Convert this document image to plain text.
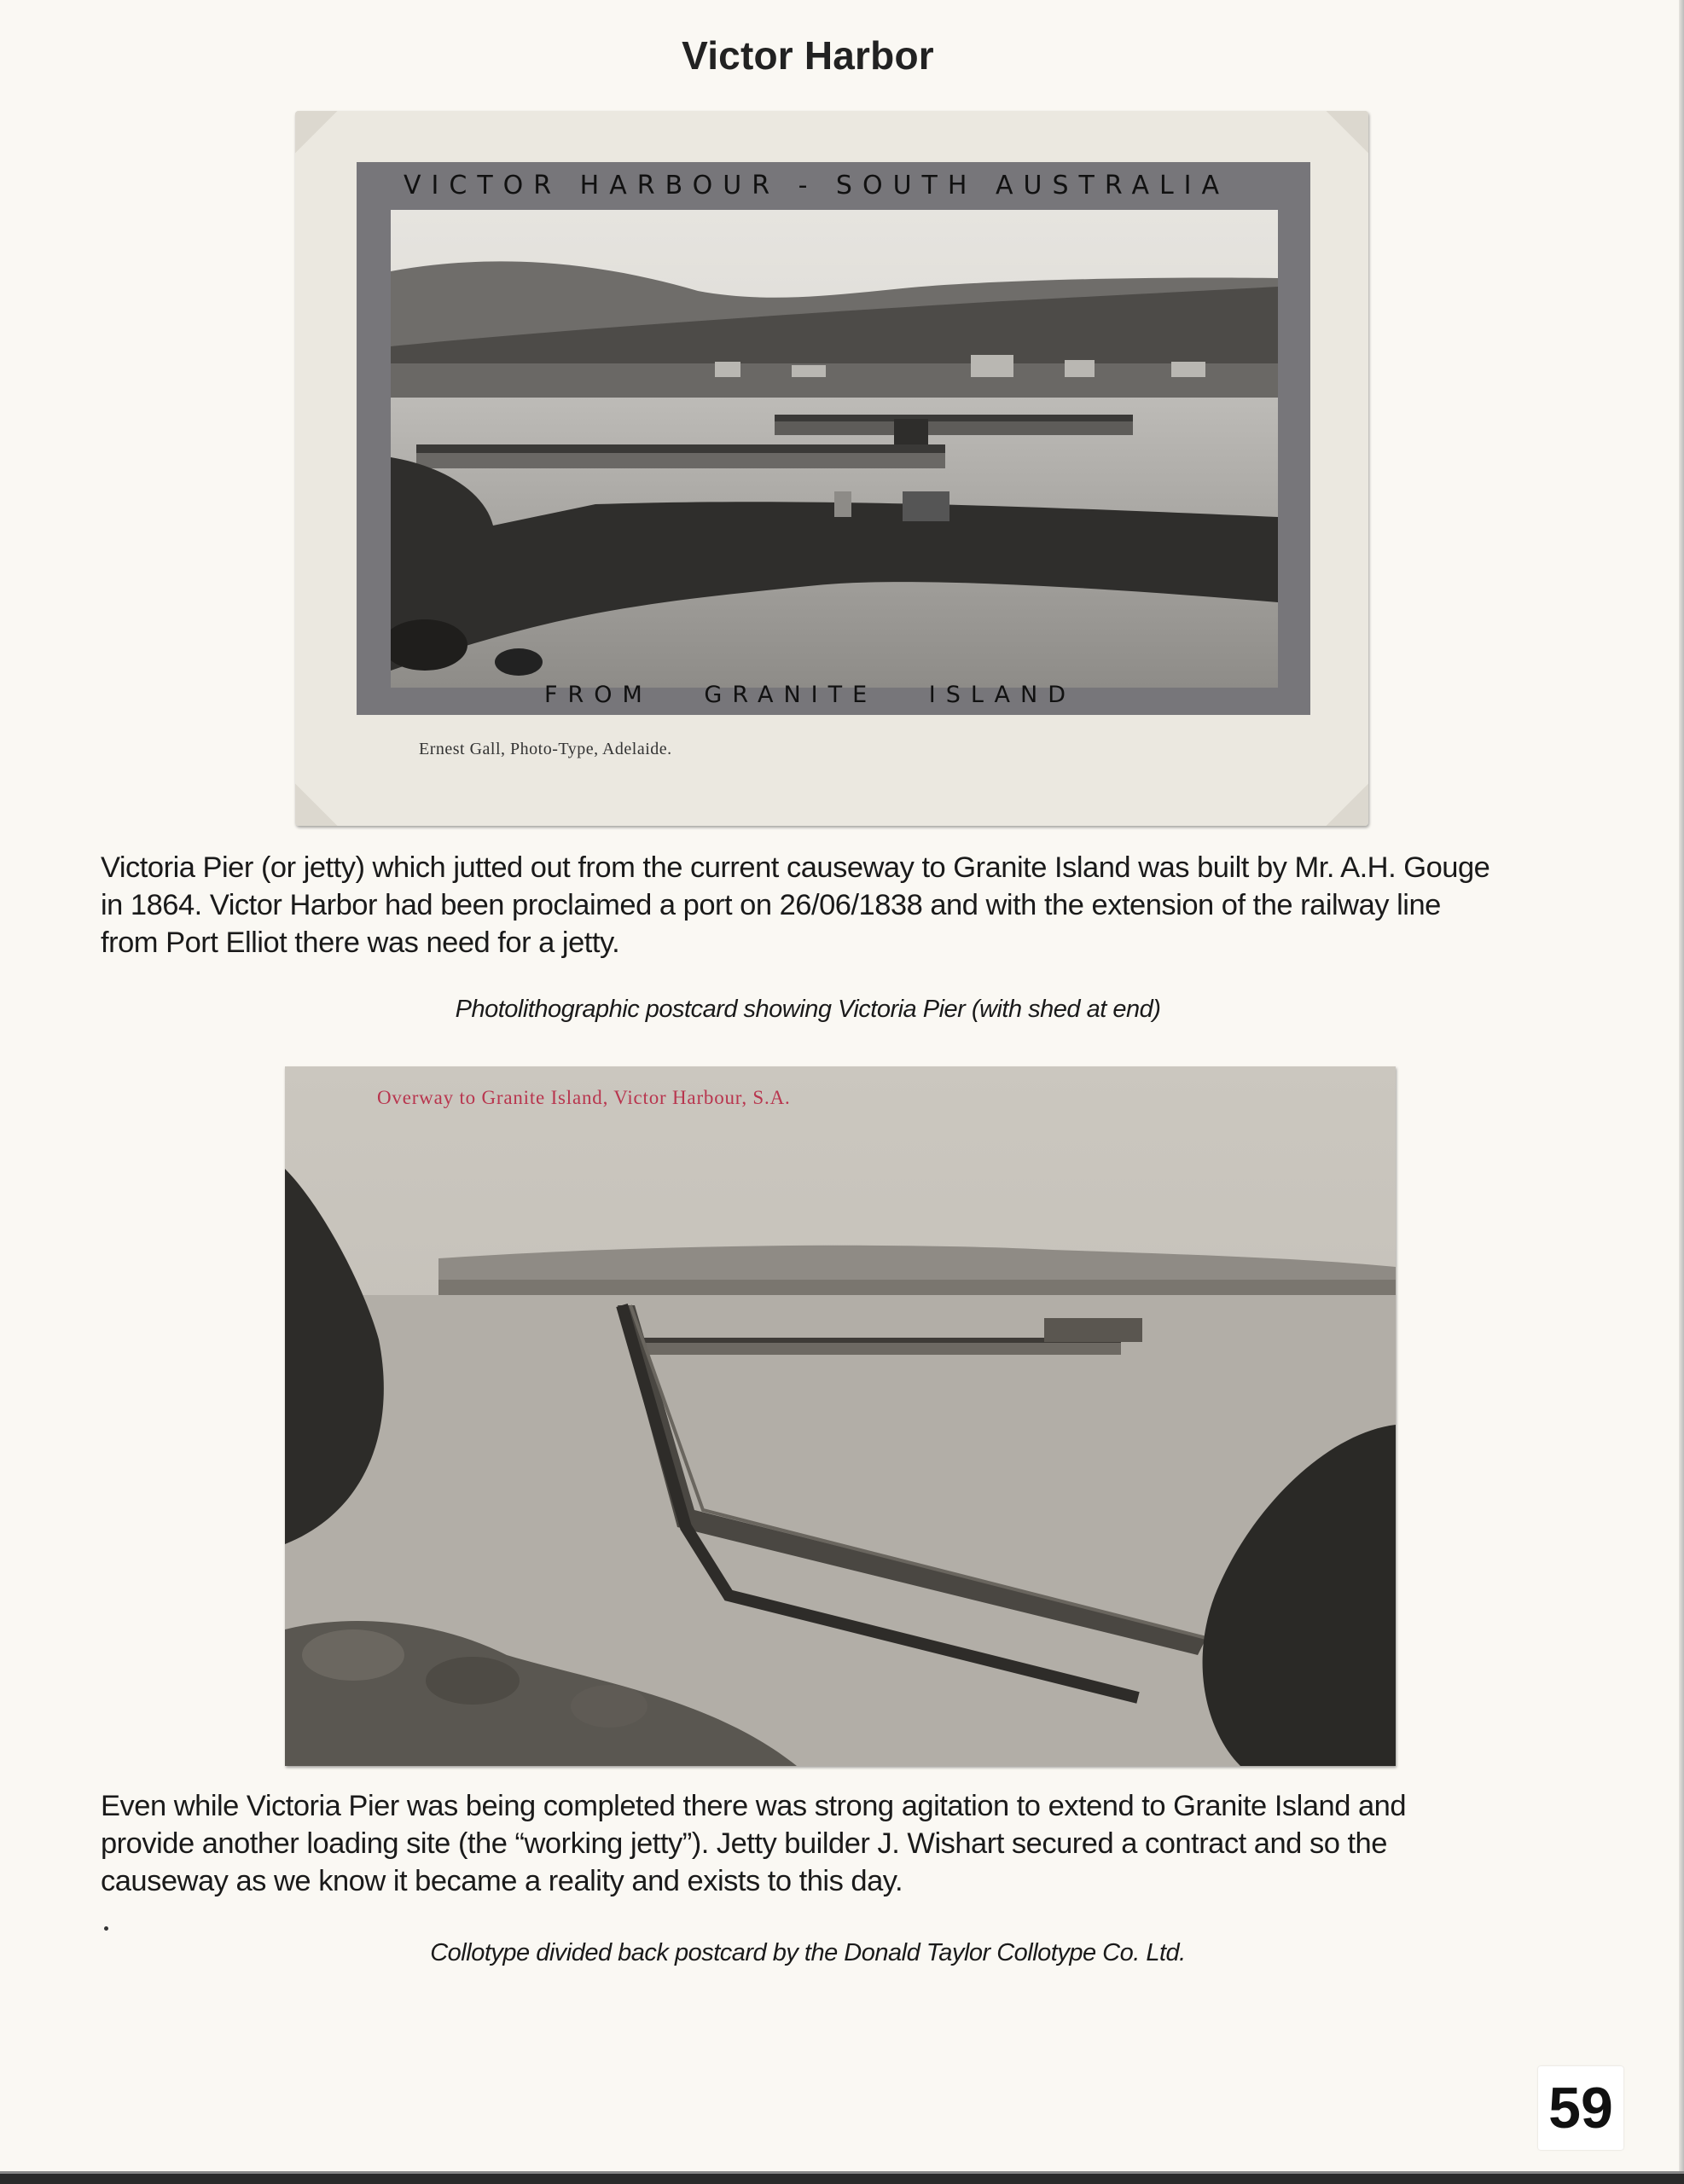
Victor Harbor
VICTOR HARBOUR - SOUTH AUSTRALIA
FROM GRANITE ISLAND
Ernest Gall, Photo-Type, Adelaide.
Victoria Pier (or jetty) which jutted out from the current causeway to Granite Island was built by Mr. A.H. Gouge in 1864. Victor Harbor had been proclaimed a port on 26/06/1838 and with the extension of the railway line from Port Elliot there was need for a jetty.
Photolithographic postcard showing Victoria Pier (with shed at end)
Overway to Granite Island, Victor Harbour, S.A.
Even while Victoria Pier was being completed there was strong agitation to extend to Granite Island and provide another loading site (the “working jetty”). Jetty builder J. Wishart secured a contract and so the causeway as we know it became a reality and exists to this day.
Collotype divided back postcard by the Donald Taylor Collotype Co. Ltd.
59
